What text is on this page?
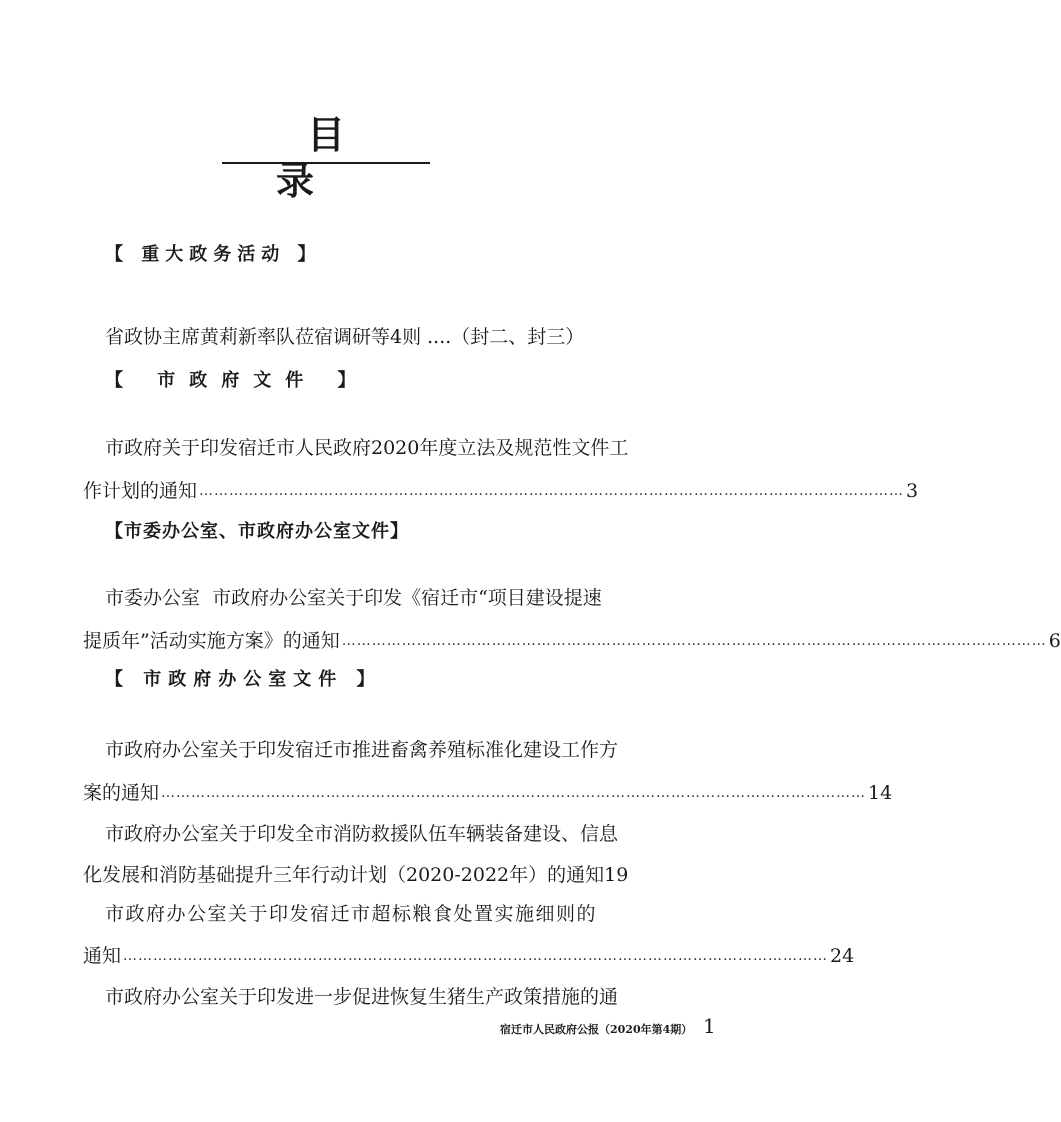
目　录
【 重大政务活动 】
省政协主席黄莉新率队莅宿调研等4则 ....（封二、封三）
【 市政府文件 】
市政府关于印发宿迁市人民政府2020年度立法及规范性文件工
作计划的通知 …………………………………………………………………………………………………………………………… 3
【市委办公室、市政府办公室文件】
市委办公室  市政府办公室关于印发《宿迁市“项目建设提速
提质年”活动实施方案》的通知 …………………………………………………………………………………………………………………………… 6
【 市政府办公室文件 】
市政府办公室关于印发宿迁市推进畜禽养殖标准化建设工作方
案的通知 …………………………………………………………………………………………………………………………… 14
市政府办公室关于印发全市消防救援队伍车辆装备建设、信息
化发展和消防基础提升三年行动计划（2020-2022年）的通知19
市政府办公室关于印发宿迁市超标粮食处置实施细则的
通知 …………………………………………………………………………………………………………………………… 24
市政府办公室关于印发进一步促进恢复生猪生产政策措施的通
宿迁市人民政府公报（2020年第4期） 1
